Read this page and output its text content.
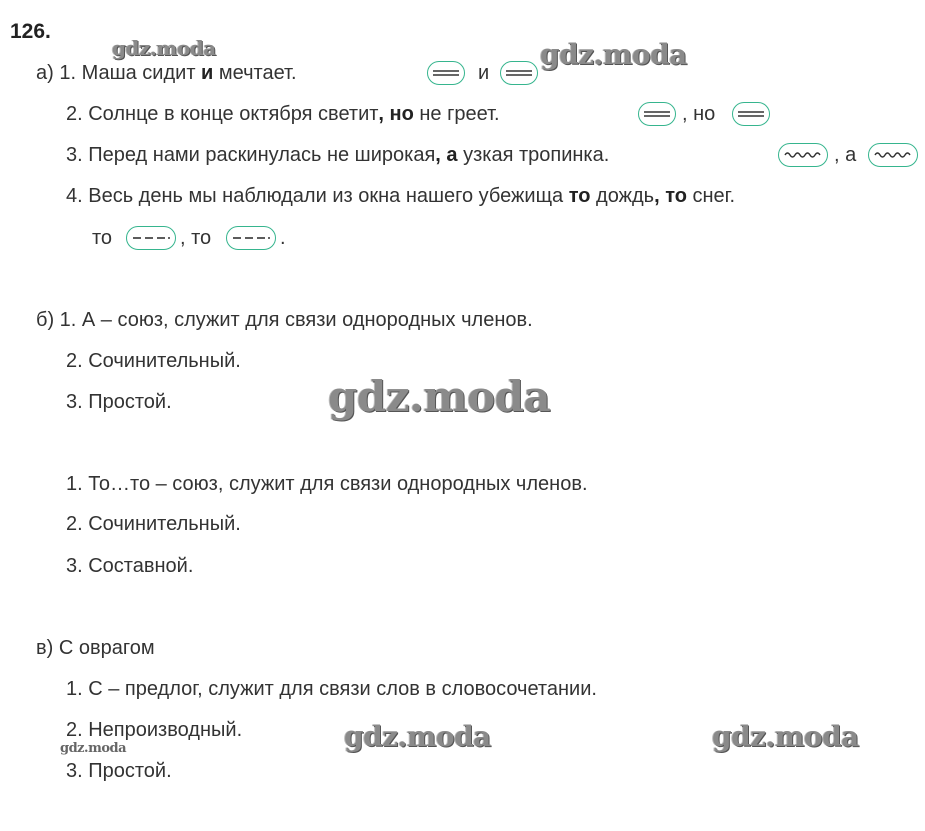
126.
а) 1. Маша сидит и мечтает.	и
2. Солнце в конце октября светит, но не греет.	, но
3. Перед нами раскинулась не широкая, а узкая тропинка.	, а
4. Весь день мы наблюдали из окна нашего убежища то дождь, то снег.
то	, то	.
б) 1. А – союз, служит для связи однородных членов.
2. Сочинительный.
3. Простой.
1. То…то – союз, служит для связи однородных членов.
2. Сочинительный.
3. Составной.
в) С оврагом
1. С – предлог, служит для связи слов в словосочетании.
2. Непроизводный.
3. Простой.
gdz.moda	gdz.moda
gdz.moda
gdz.moda	gdz.moda
gdz.moda
